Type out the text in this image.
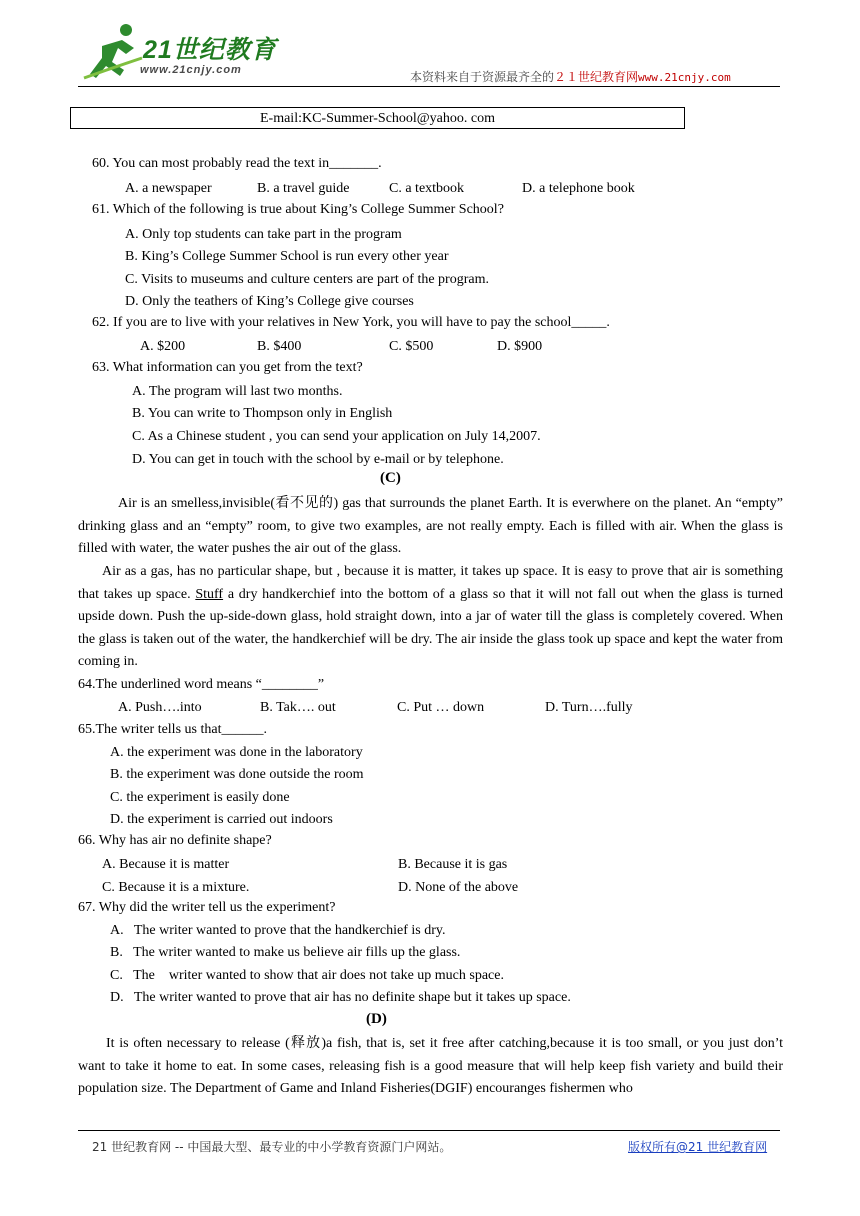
21世纪教育
www.21cnjy.com	本资料来自于资源最齐全的２１世纪教育网www.21cnjy.com
E-mail:KC-Summer-School@yahoo. com
60. You can most probably read the text in_______.
A. a newspaper	B. a travel guide	C. a textbook	D. a telephone book
61. Which of the following is true about King’s College Summer School?
A. Only top students can take part in the program
B. King’s College Summer School is run every other year
C. Visits to museums and culture centers are part of the program.
D. Only the teathers of King’s College give courses
62. If you are to live with your relatives in New York, you will have to pay the school_____.
A. $200	B. $400	C. $500	D. $900
63. What information can you get from the text?
A. The program will last two months.
B. You can write to Thompson only in English
C. As a Chinese student , you can send your application on July 14,2007.
D. You can get in touch with the school by e-mail or by telephone.
(C)
Air is an smelless,invisible(看不见的) gas that surrounds the planet Earth. It is everwhere on the planet. An “empty” drinking glass and an “empty” room, to give two examples, are not really empty. Each is filled with air. When the glass is filled with water, the water pushes the air out of the glass.
Air as a gas, has no particular shape, but , because it is matter, it takes up space. It is easy to prove that air is something that takes up space. Stuff a dry handkerchief into the bottom of a glass so that it will not fall out when the glass is turned upside down. Push the up-side-down glass, hold straight down, into a jar of water till the glass is completely covered. When the glass is taken out of the water, the handkerchief will be dry. The air inside the glass took up space and kept the water from coming in.
64.The underlined word means “________”
A. Push….into	B. Tak…. out	C. Put … down	D. Turn….fully
65.The writer tells us that______.
A. the experiment was done in the laboratory
B. the experiment was done outside the room
C. the experiment is easily done
D. the experiment is carried out indoors
66. Why has air no definite shape?
A. Because it is matter	B. Because it is gas
C. Because it is a mixture.	D. None of the above
67. Why did the writer tell us the experiment?
A.   The writer wanted to prove that the handkerchief is dry.
B.   The writer wanted to make us believe air fills up the glass.
C.   The    writer wanted to show that air does not take up much space.
D.   The writer wanted to prove that air has no definite shape but it takes up space.
(D)
It is often necessary to release (释放)a fish, that is, set it free after catching,because it is too small, or you just don’t want to take it home to eat. In some cases, releasing fish is a good measure that will help keep fish variety and build their population size. The Department of Game and Inland Fisheries(DGIF) encouranges fishermen who
21 世纪教育网 -- 中国最大型、最专业的中小学教育资源门户网站。	版权所有@21 世纪教育网
